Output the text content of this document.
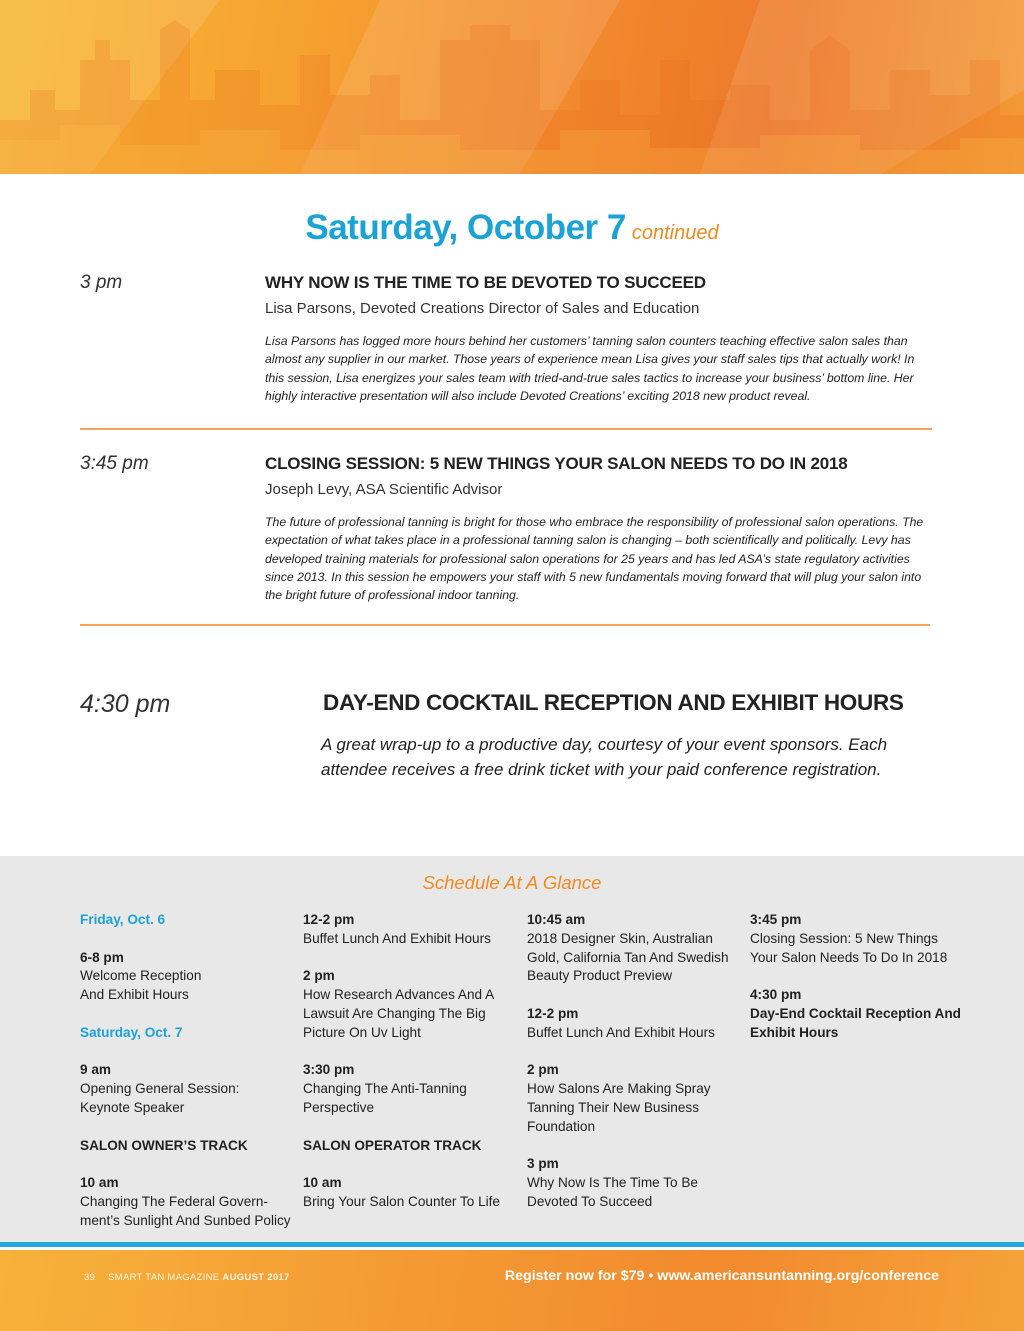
Saturday, October 7 continued
3 pm	WHY NOW IS THE TIME TO BE DEVOTED TO SUCCEED
Lisa Parsons, Devoted Creations Director of Sales and Education
Lisa Parsons has logged more hours behind her customers’ tanning salon counters teaching effective salon sales than almost any supplier in our market. Those years of experience mean Lisa gives your staff sales tips that actually work! In this session, Lisa energizes your sales team with tried-and-true sales tactics to increase your business’ bottom line. Her highly interactive presentation will also include Devoted Creations’ exciting 2018 new product reveal.
3:45 pm	CLOSING SESSION: 5 NEW THINGS YOUR SALON NEEDS TO DO IN 2018
Joseph Levy, ASA Scientific Advisor
The future of professional tanning is bright for those who embrace the responsibility of professional salon operations. The expectation of what takes place in a professional tanning salon is changing – both scientifically and politically. Levy has developed training materials for professional salon operations for 25 years and has led ASA’s state regulatory activities since 2013. In this session he empowers your staff with 5 new fundamentals moving forward that will plug your salon into the bright future of professional indoor tanning.
4:30 pm	DAY-END COCKTAIL RECEPTION AND EXHIBIT HOURS
A great wrap-up to a productive day, courtesy of your event sponsors. Each attendee receives a free drink ticket with your paid conference registration.
Schedule At A Glance
Friday, Oct. 6
6-8 pm
Welcome Reception
And Exhibit Hours
Saturday, Oct. 7
9 am
Opening General Session:
Keynote Speaker
SALON OWNER’S TRACK
10 am
Changing The Federal Govern-
ment’s Sunlight And Sunbed Policy
12-2 pm
Buffet Lunch And Exhibit Hours
2 pm
How Research Advances And A
Lawsuit Are Changing The Big
Picture On Uv Light
3:30 pm
Changing The Anti-Tanning
Perspective
SALON OPERATOR TRACK
10 am
Bring Your Salon Counter To Life
10:45 am
2018 Designer Skin, Australian
Gold, California Tan And Swedish
Beauty Product Preview
12-2 pm
Buffet Lunch And Exhibit Hours
2 pm
How Salons Are Making Spray
Tanning Their New Business
Foundation
3 pm
Why Now Is The Time To Be
Devoted To Succeed
3:45 pm
Closing Session: 5 New Things
Your Salon Needs To Do In 2018
4:30 pm
Day-End Cocktail Reception And
Exhibit Hours
39 SMART TAN MAGAZINE AUGUST 2017	Register now for $79 • www.americansuntanning.org/conference
